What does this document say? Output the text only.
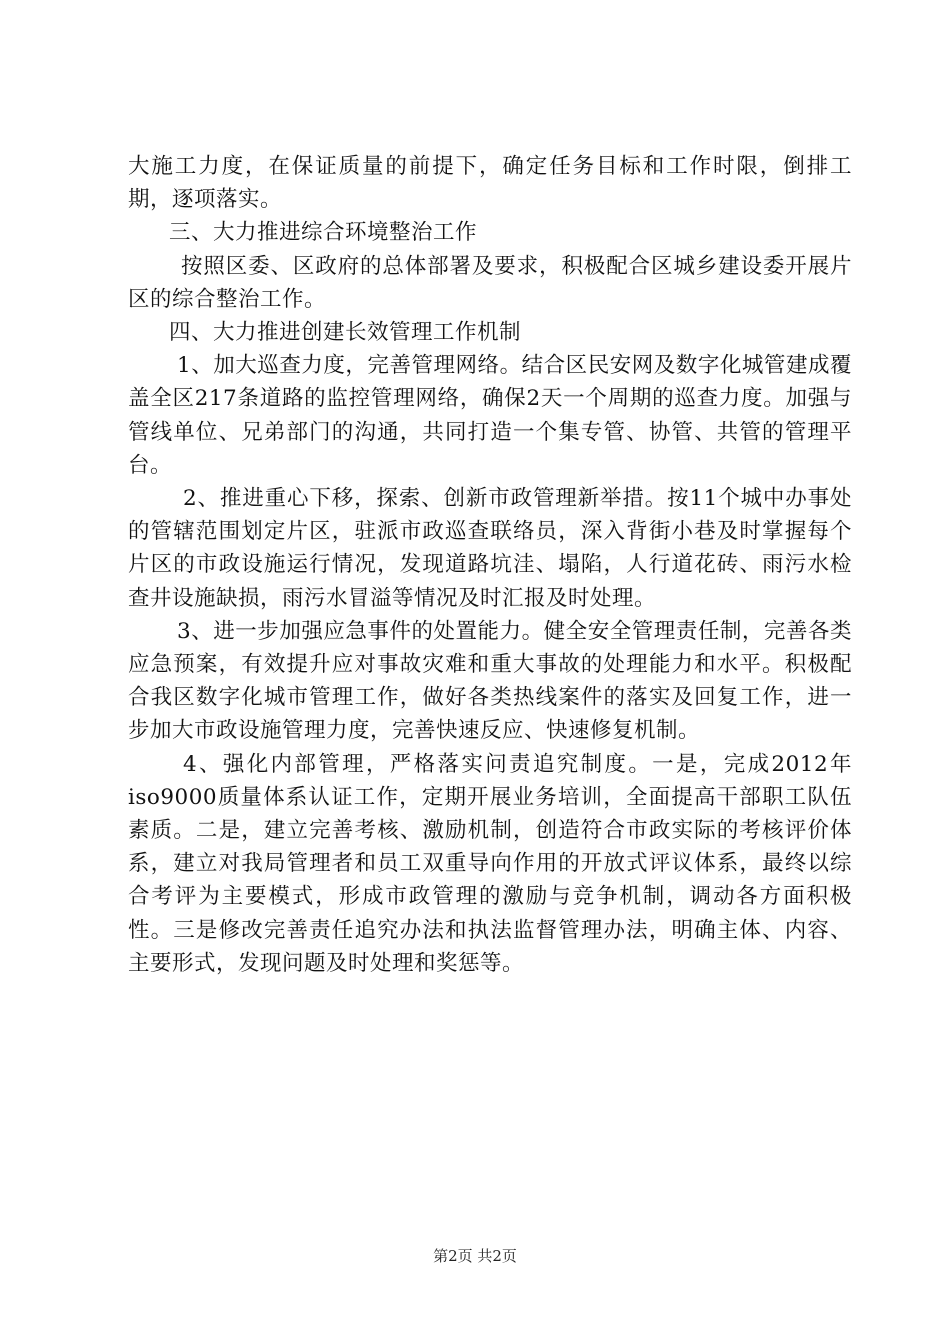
大施工力度，在保证质量的前提下，确定任务目标和工作时限，倒排工期，逐项落实。

三、大力推进综合环境整治工作

按照区委、区政府的总体部署及要求，积极配合区城乡建设委开展片区的综合整治工作。

四、大力推进创建长效管理工作机制

1、加大巡查力度，完善管理网络。结合区民安网及数字化城管建成覆盖全区217条道路的监控管理网络，确保2天一个周期的巡查力度。加强与管线单位、兄弟部门的沟通，共同打造一个集专管、协管、共管的管理平台。

2、推进重心下移，探索、创新市政管理新举措。按11个城中办事处的管辖范围划定片区，驻派市政巡查联络员，深入背街小巷及时掌握每个片区的市政设施运行情况，发现道路坑洼、塌陷，人行道花砖、雨污水检查井设施缺损，雨污水冒溢等情况及时汇报及时处理。

3、进一步加强应急事件的处置能力。健全安全管理责任制，完善各类应急预案，有效提升应对事故灾难和重大事故的处理能力和水平。积极配合我区数字化城市管理工作，做好各类热线案件的落实及回复工作，进一步加大市政设施管理力度，完善快速反应、快速修复机制。

4、强化内部管理，严格落实问责追究制度。一是，完成2012年iso9000质量体系认证工作，定期开展业务培训，全面提高干部职工队伍素质。二是，建立完善考核、激励机制，创造符合市政实际的考核评价体系，建立对我局管理者和员工双重导向作用的开放式评议体系，最终以综合考评为主要模式，形成市政管理的激励与竞争机制，调动各方面积极性。三是修改完善责任追究办法和执法监督管理办法，明确主体、内容、主要形式，发现问题及时处理和奖惩等。

第2页 共2页
